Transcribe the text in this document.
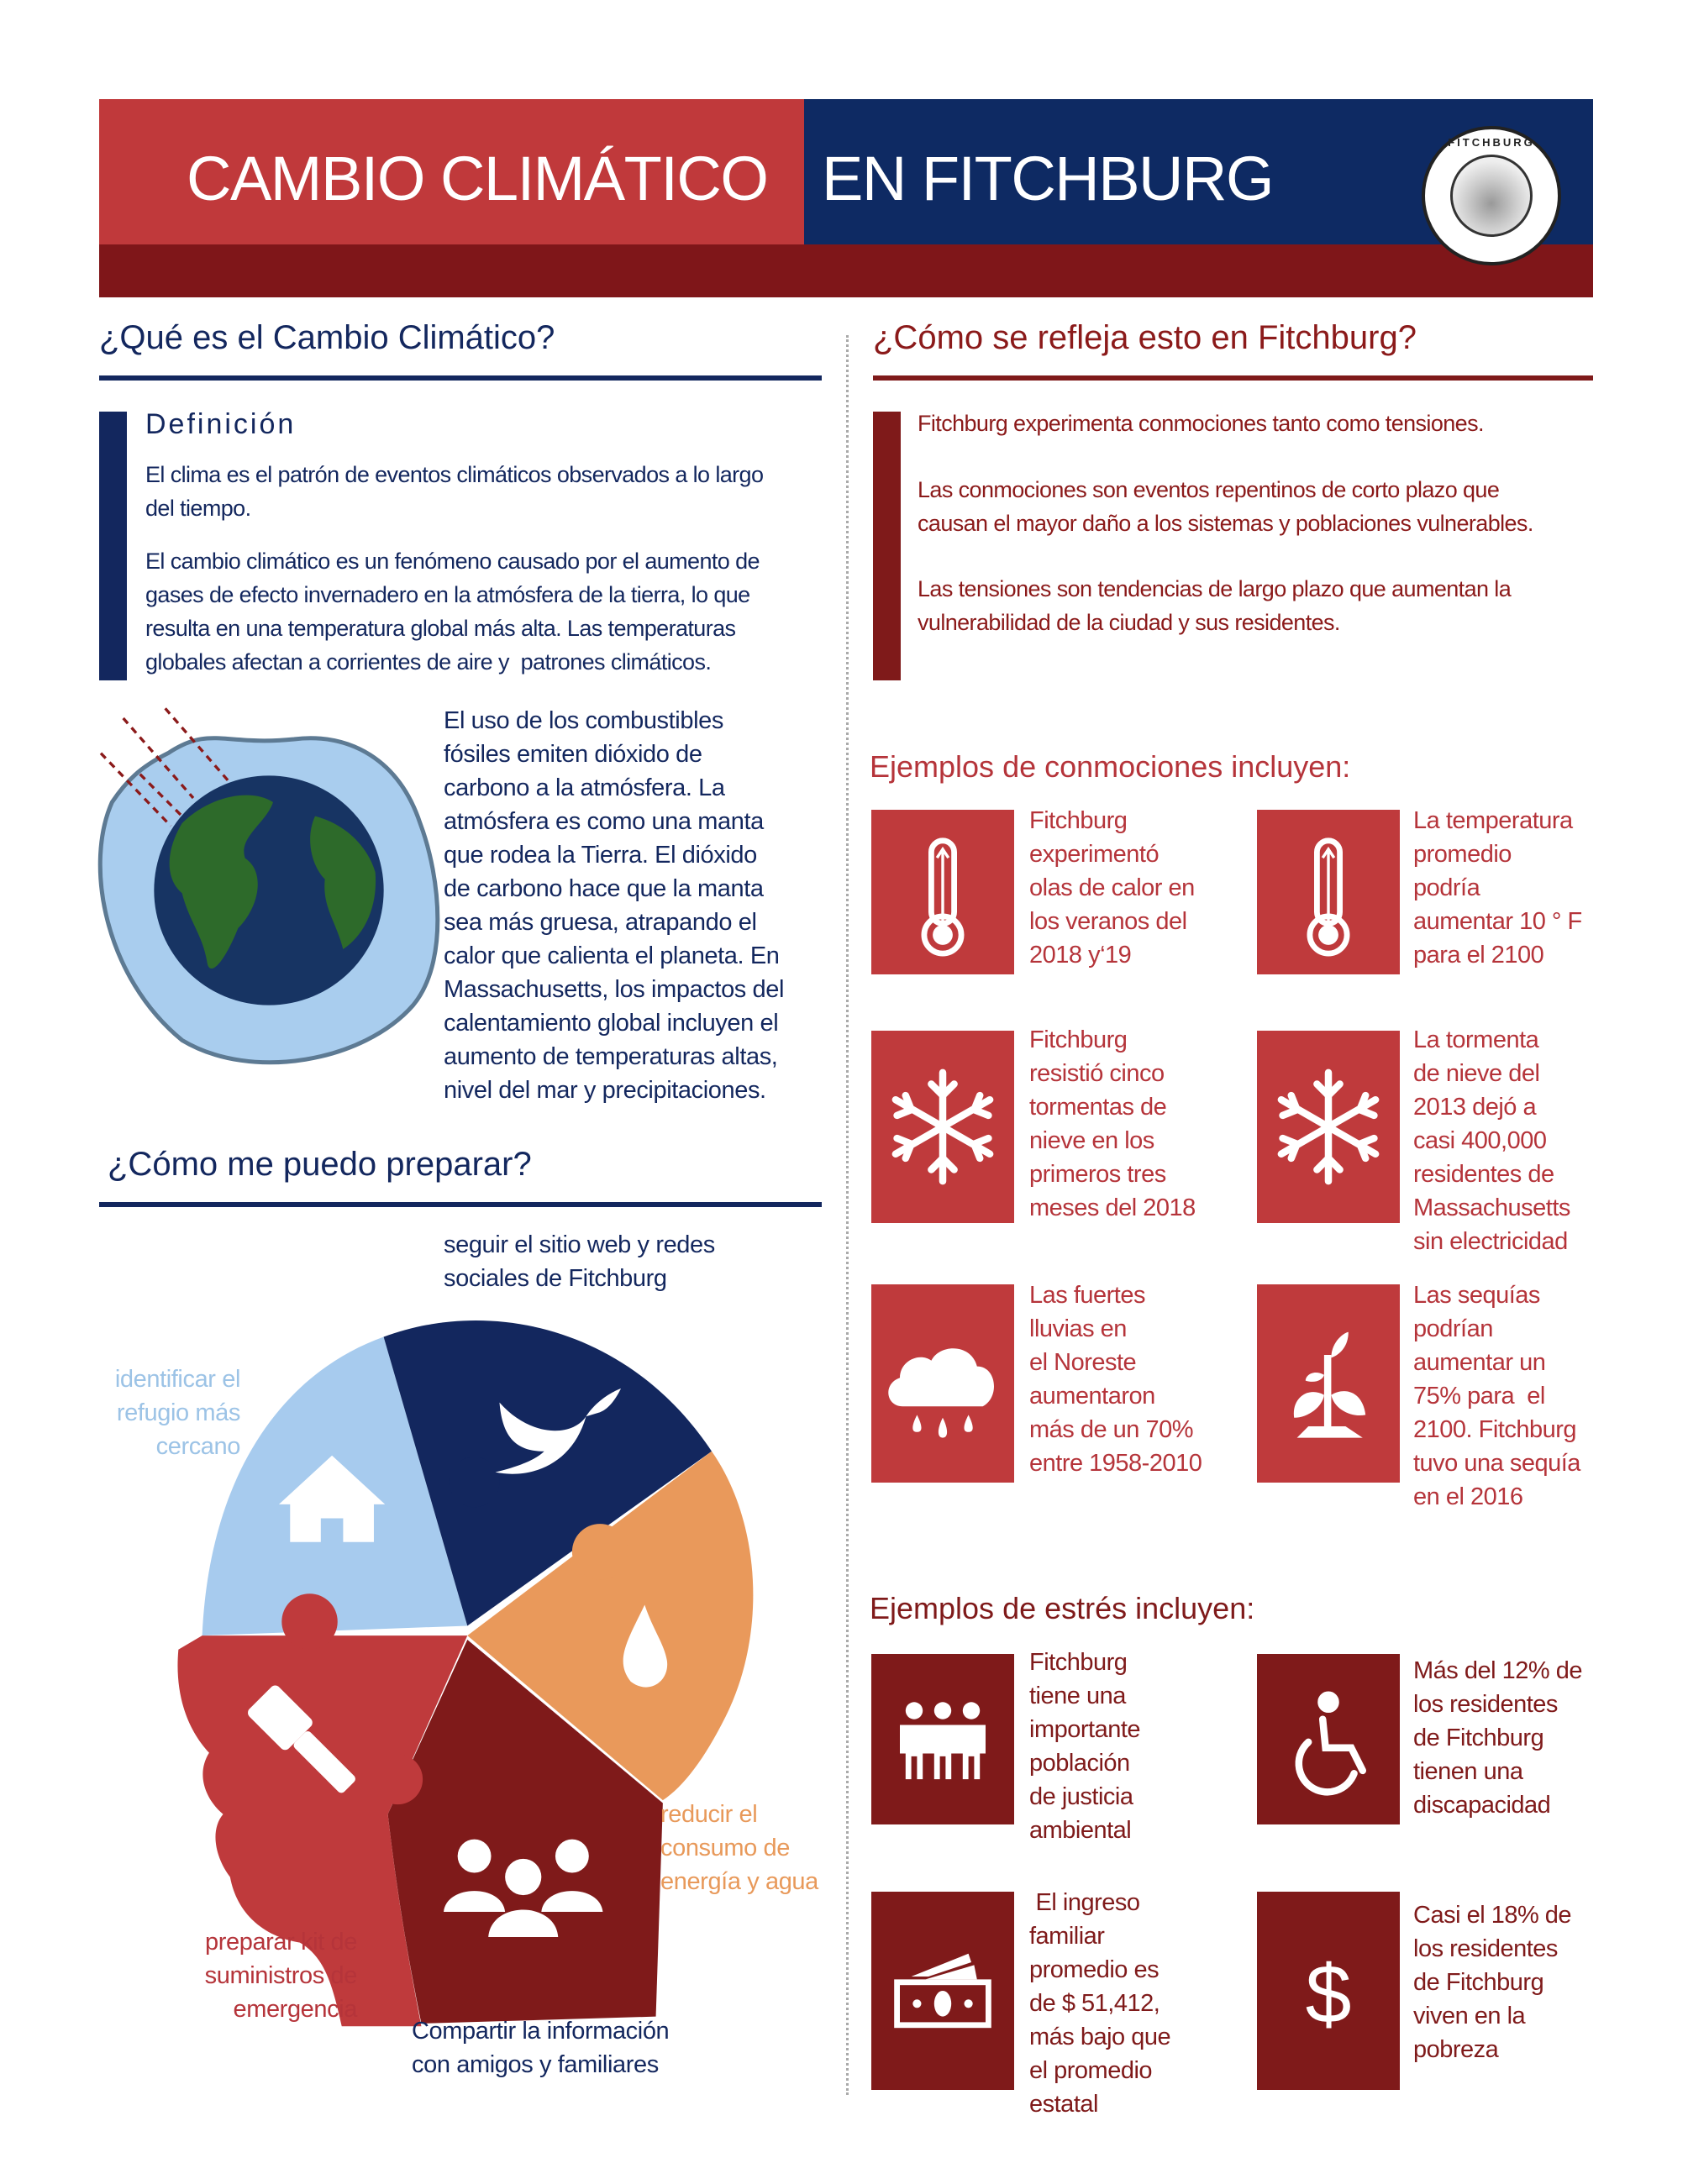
CAMBIO CLIMÁTICO EN FITCHBURG
FITCHBURG
¿Qué es el Cambio Climático?
Definición
El clima es el patrón de eventos climáticos observados a lo largo
del tiempo.
El cambio climático es un fenómeno causado por el aumento de
gases de efecto invernadero en la atmósfera de la tierra, lo que
resulta en una temperatura global más alta. Las temperaturas
globales afectan a corrientes de aire y  patrones climáticos.
El uso de los combustibles
fósiles emiten dióxido de
carbono a la atmósfera. La
atmósfera es como una manta
que rodea la Tierra. El dióxido
de carbono hace que la manta
sea más gruesa, atrapando el
calor que calienta el planeta. En
Massachusetts, los impactos del
calentamiento global incluyen el
aumento de temperaturas altas,
nivel del mar y precipitaciones.
¿Cómo me puedo preparar?
seguir el sitio web y redes
sociales de Fitchburg
identificar el
refugio más
cercano
reducir el
consumo de
energía y agua
preparar kit de
suministros de
emergencia
Compartir la información
con amigos y familiares
¿Cómo se refleja esto en Fitchburg?
Fitchburg experimenta conmociones tanto como tensiones.
Las conmociones son eventos repentinos de corto plazo que
causan el mayor daño a los sistemas y poblaciones vulnerables.
Las tensiones son tendencias de largo plazo que aumentan la
vulnerabilidad de la ciudad y sus residentes.
Ejemplos de conmociones incluyen:
Ejemplos de estrés incluyen:
Fitchburg
experimentó
olas de calor en
los veranos del
2018 y‘19
La temperatura
promedio
podría
aumentar 10 ° F
para el 2100
Fitchburg
resistió cinco
tormentas de
nieve en los
primeros tres
meses del 2018
La tormenta
de nieve del
2013 dejó a
casi 400,000
residentes de
Massachusetts
sin electricidad
Las fuertes
lluvias en
el Noreste
aumentaron
más de un 70%
entre 1958-2010
Las sequías
podrían
aumentar un
75% para  el
2100. Fitchburg
tuvo una sequía
en el 2016
Fitchburg
tiene una
importante
población
de justicia
ambiental
Más del 12% de
los residentes
de Fitchburg
tienen una
discapacidad
El ingreso
familiar
promedio es
de $ 51,412,
más bajo que
el promedio
estatal
$
Casi el 18% de
los residentes
de Fitchburg
viven en la
pobreza
